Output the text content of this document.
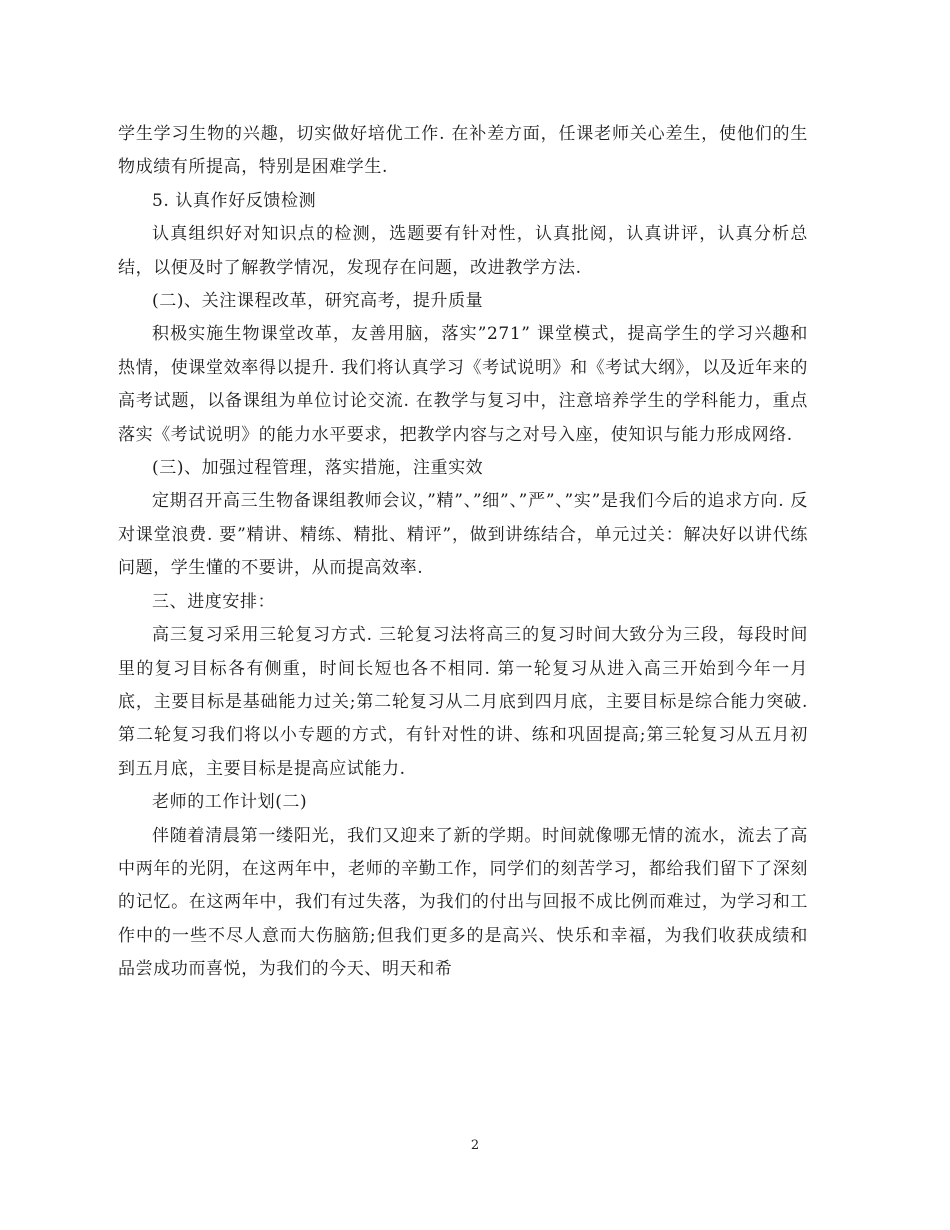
学生学习生物的兴趣，切实做好培优工作. 在补差方面，任课老师关心差生，使他们的生物成绩有所提高，特别是困难学生.

5. 认真作好反馈检测

认真组织好对知识点的检测，选题要有针对性，认真批阅，认真讲评，认真分析总结，以便及时了解教学情况，发现存在问题，改进教学方法.

(二)、关注课程改革，研究高考，提升质量

积极实施生物课堂改革，友善用脑，落实”271” 课堂模式，提高学生的学习兴趣和热情，使课堂效率得以提升. 我们将认真学习《考试说明》和《考试大纲》，以及近年来的高考试题，以备课组为单位讨论交流. 在教学与复习中，注意培养学生的学科能力，重点落实《考试说明》的能力水平要求，把教学内容与之对号入座，使知识与能力形成网络.

(三)、加强过程管理，落实措施，注重实效

定期召开高三生物备课组教师会议，”精”、”细”、”严”、”实”是我们今后的追求方向. 反对课堂浪费. 要”精讲、精练、精批、精评”，做到讲练结合，单元过关：解决好以讲代练问题，学生懂的不要讲，从而提高效率.

三、进度安排：

高三复习采用三轮复习方式. 三轮复习法将高三的复习时间大致分为三段，每段时间里的复习目标各有侧重，时间长短也各不相同. 第一轮复习从进入高三开始到今年一月底，主要目标是基础能力过关;第二轮复习从二月底到四月底，主要目标是综合能力突破. 第二轮复习我们将以小专题的方式，有针对性的讲、练和巩固提高;第三轮复习从五月初到五月底，主要目标是提高应试能力.

老师的工作计划(二)

伴随着清晨第一缕阳光，我们又迎来了新的学期。时间就像哪无情的流水，流去了高中两年的光阴，在这两年中，老师的辛勤工作，同学们的刻苦学习，都给我们留下了深刻的记忆。在这两年中，我们有过失落，为我们的付出与回报不成比例而难过，为学习和工作中的一些不尽人意而大伤脑筋;但我们更多的是高兴、快乐和幸福，为我们收获成绩和品尝成功而喜悦，为我们的今天、明天和希

2
